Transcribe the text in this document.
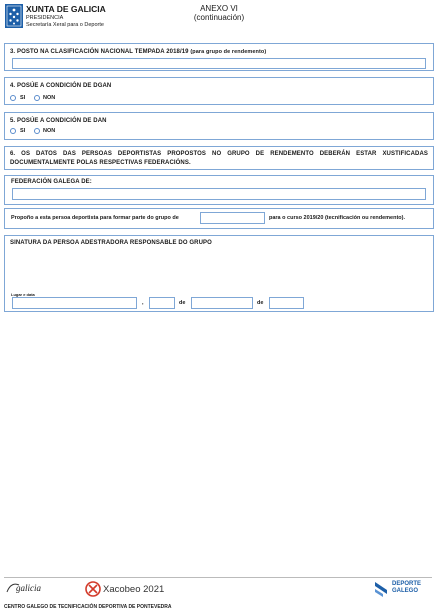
XUNTA DE GALICIA
PRESIDENCIA
Secretaría Xeral para o Deporte
ANEXO VI
(continuación)
3. POSTO NA CLASIFICACIÓN NACIONAL TEMPADA 2018/19 (para grupo de rendemento)
4. POSÚE A CONDICIÓN DE DGAN
SI	NON
5. POSÚE A CONDICIÓN DE DAN
SI	NON
6. OS DATOS DAS PERSOAS DEPORTISTAS PROPOSTOS NO GRUPO DE RENDEMENTO DEBERÁN ESTAR XUSTIFICADAS DOCUMENTALMENTE POLAS RESPECTIVAS FEDERACIÓNS.
FEDERACIÓN GALEGA DE:
Propoño a esta persoa deportista para formar parte do grupo de	para o curso 2019/20 (tecnificación ou rendemento).
SINATURA DA PERSOA ADESTRADORA RESPONSABLE DO GRUPO
Lugar e data
,	de	de
galicia	Xacobeo 2021	DEPORTE
GALEGO
CENTRO GALEGO DE TECNIFICACIÓN DEPORTIVA DE PONTEVEDRA
